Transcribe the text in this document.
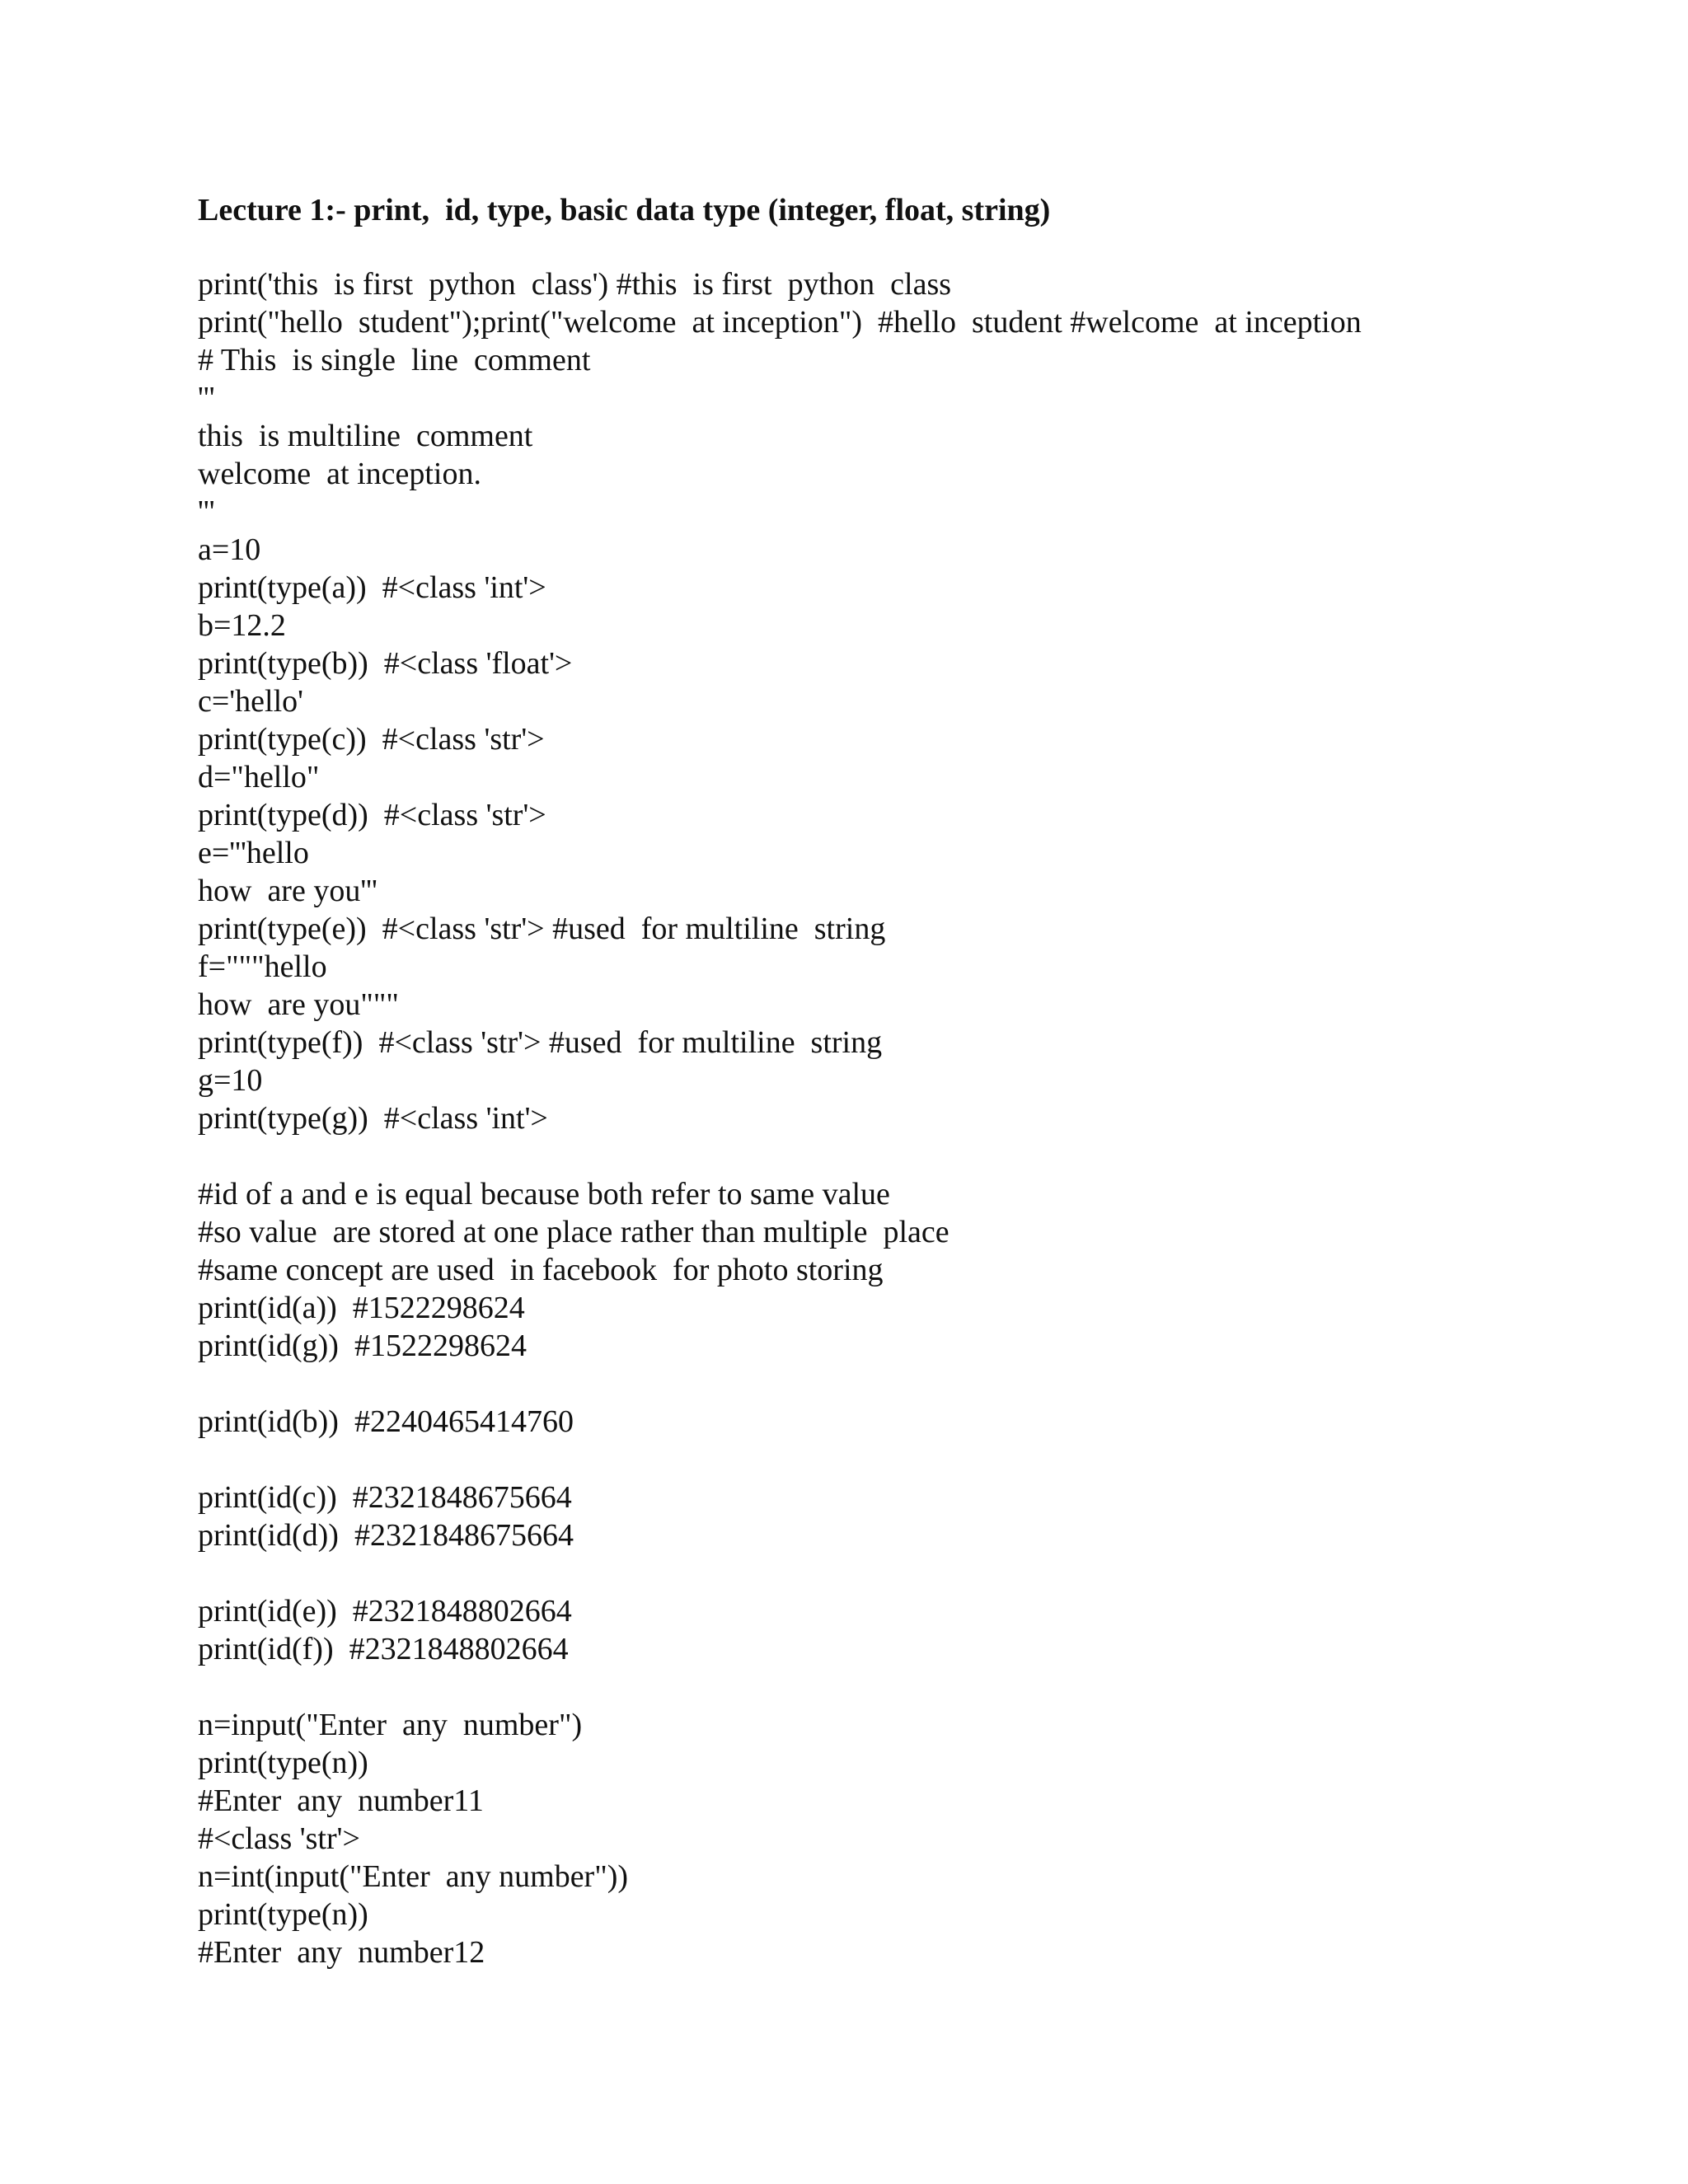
Lecture 1:- print,  id, type, basic data type (integer, float, string)
print('this  is first  python  class') #this  is first  python  class
print("hello  student");print("welcome  at inception")  #hello  student #welcome  at inception
# This  is single  line  comment
'''
this  is multiline  comment
welcome  at inception.
'''
a=10
print(type(a))  #<class 'int'>
b=12.2
print(type(b))  #<class 'float'>
c='hello'
print(type(c))  #<class 'str'>
d="hello"
print(type(d))  #<class 'str'>
e='''hello
how  are you'''
print(type(e))  #<class 'str'> #used  for multiline  string
f="""hello
how  are you"""
print(type(f))  #<class 'str'> #used  for multiline  string
g=10
print(type(g))  #<class 'int'>
#id of a and e is equal because both refer to same value
#so value  are stored at one place rather than multiple  place
#same concept are used  in facebook  for photo storing
print(id(a))  #1522298624
print(id(g))  #1522298624
print(id(b))  #2240465414760
print(id(c))  #2321848675664
print(id(d))  #2321848675664
print(id(e))  #2321848802664
print(id(f))  #2321848802664
n=input("Enter  any  number")
print(type(n))
#Enter  any  number11
#<class 'str'>
n=int(input("Enter  any number"))
print(type(n))
#Enter  any  number12
